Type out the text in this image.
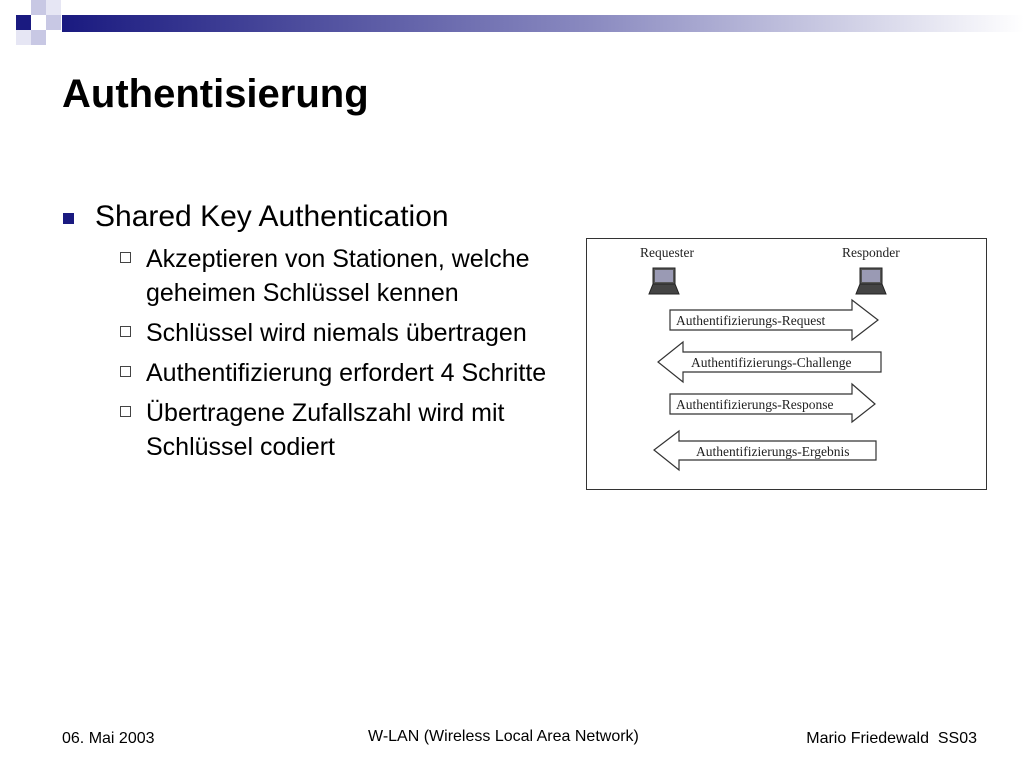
Authentisierung
Shared Key Authentication
Akzeptieren von Stationen, welche geheimen Schlüssel kennen
Schlüssel wird niemals übertragen
Authentifizierung erfordert 4 Schritte
Übertragene Zufallszahl wird mit Schlüssel codiert
Requester	Responder
Authentifizierungs-Request
Authentifizierungs-Challenge
Authentifizierungs-Response
Authentifizierungs-Ergebnis
06. Mai 2003	W-LAN (Wireless Local Area Network)	Mario Friedewald  SS03
